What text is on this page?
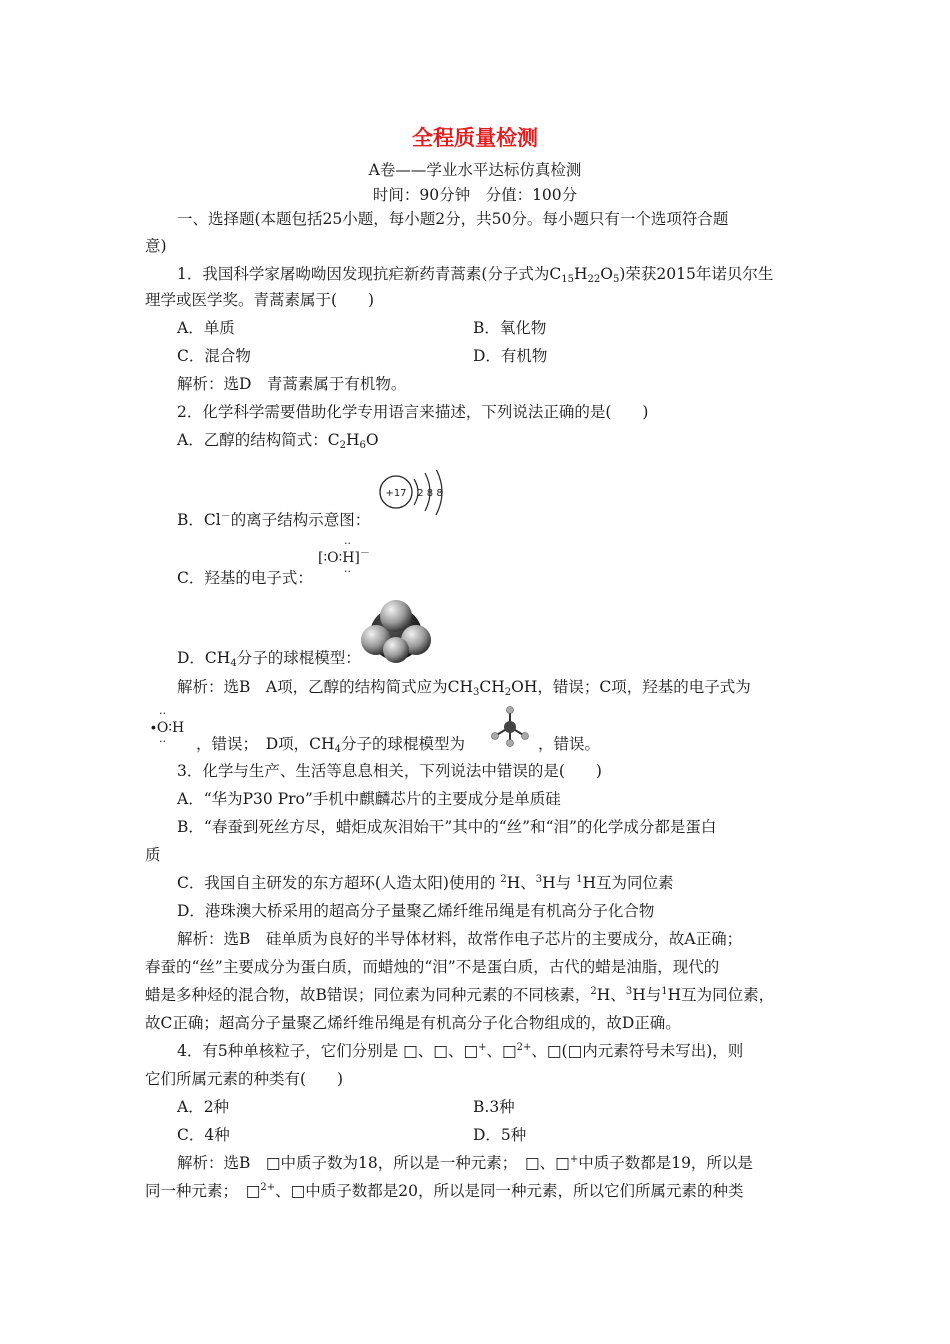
全程质量检测
A卷——学业水平达标仿真检测
时间：90分钟　分值：100分
一、选择题(本题包括25小题，每小题2分，共50分。每小题只有一个选项符合题
意)
1．我国科学家屠呦呦因发现抗疟新药青蒿素(分子式为$C_{15}H_{22}O_5$)荣获2015年诺贝尔生
理学或医学奖。青蒿素属于(　　)
A．单质	B．氧化物
C．混合物	D．有机物
解析：选D　青蒿素属于有机物。
2．化学科学需要借助化学专用语言来描述，下列说法正确的是(　　)
A．乙醇的结构简式：$C_2H_6O$
+17 2 8 8
B．Cl－的离子结构示意图：
··
[∶O∶H]－
··
C．羟基的电子式：
D．$CH_4$分子的球棍模型：
解析：选B　A项，乙醇的结构简式应为$CH_3CH_2OH$，错误；C项，羟基的电子式为
··
∙O∶H
·· ，错误；　D项，$CH_4$分子的球棍模型为	，错误。
3．化学与生产、生活等息息相关，下列说法中错误的是(　　)
A．“华为P30 Pro”手机中麒麟芯片的主要成分是单质硅
B．“春蚕到死丝方尽，蜡炬成灰泪始干”其中的“丝”和“泪”的化学成分都是蛋白
质
C．我国自主研发的东方超环(人造太阳)使用的 $^2$H、$^3$H与 $^1$H互为同位素
D．港珠澳大桥采用的超高分子量聚乙烯纤维吊绳是有机高分子化合物
解析：选B　硅单质为良好的半导体材料，故常作电子芯片的主要成分，故A正确；
春蚕的“丝”主要成分为蛋白质，而蜡烛的“泪”不是蛋白质，古代的蜡是油脂，现代的
蜡是多种烃的混合物，故B错误；同位素为同种元素的不同核素，$^2$H、$^3$H与$^1$H互为同位素，
故C正确；超高分子量聚乙烯纤维吊绳是有机高分子化合物组成的，故D正确。
4．有5种单核粒子，它们分别是 □、□、□+、□$^{2+}$、□(□内元素符号未写出)，则
它们所属元素的种类有(　　)
A．2种	B.3种
C．4种	D．5种
解析：选B　□中质子数为18，所以是一种元素；　□、□+中质子数都是19，所以是
同一种元素；　□$^{2+}$、□中质子数都是20，所以是同一种元素，所以它们所属元素的种类
